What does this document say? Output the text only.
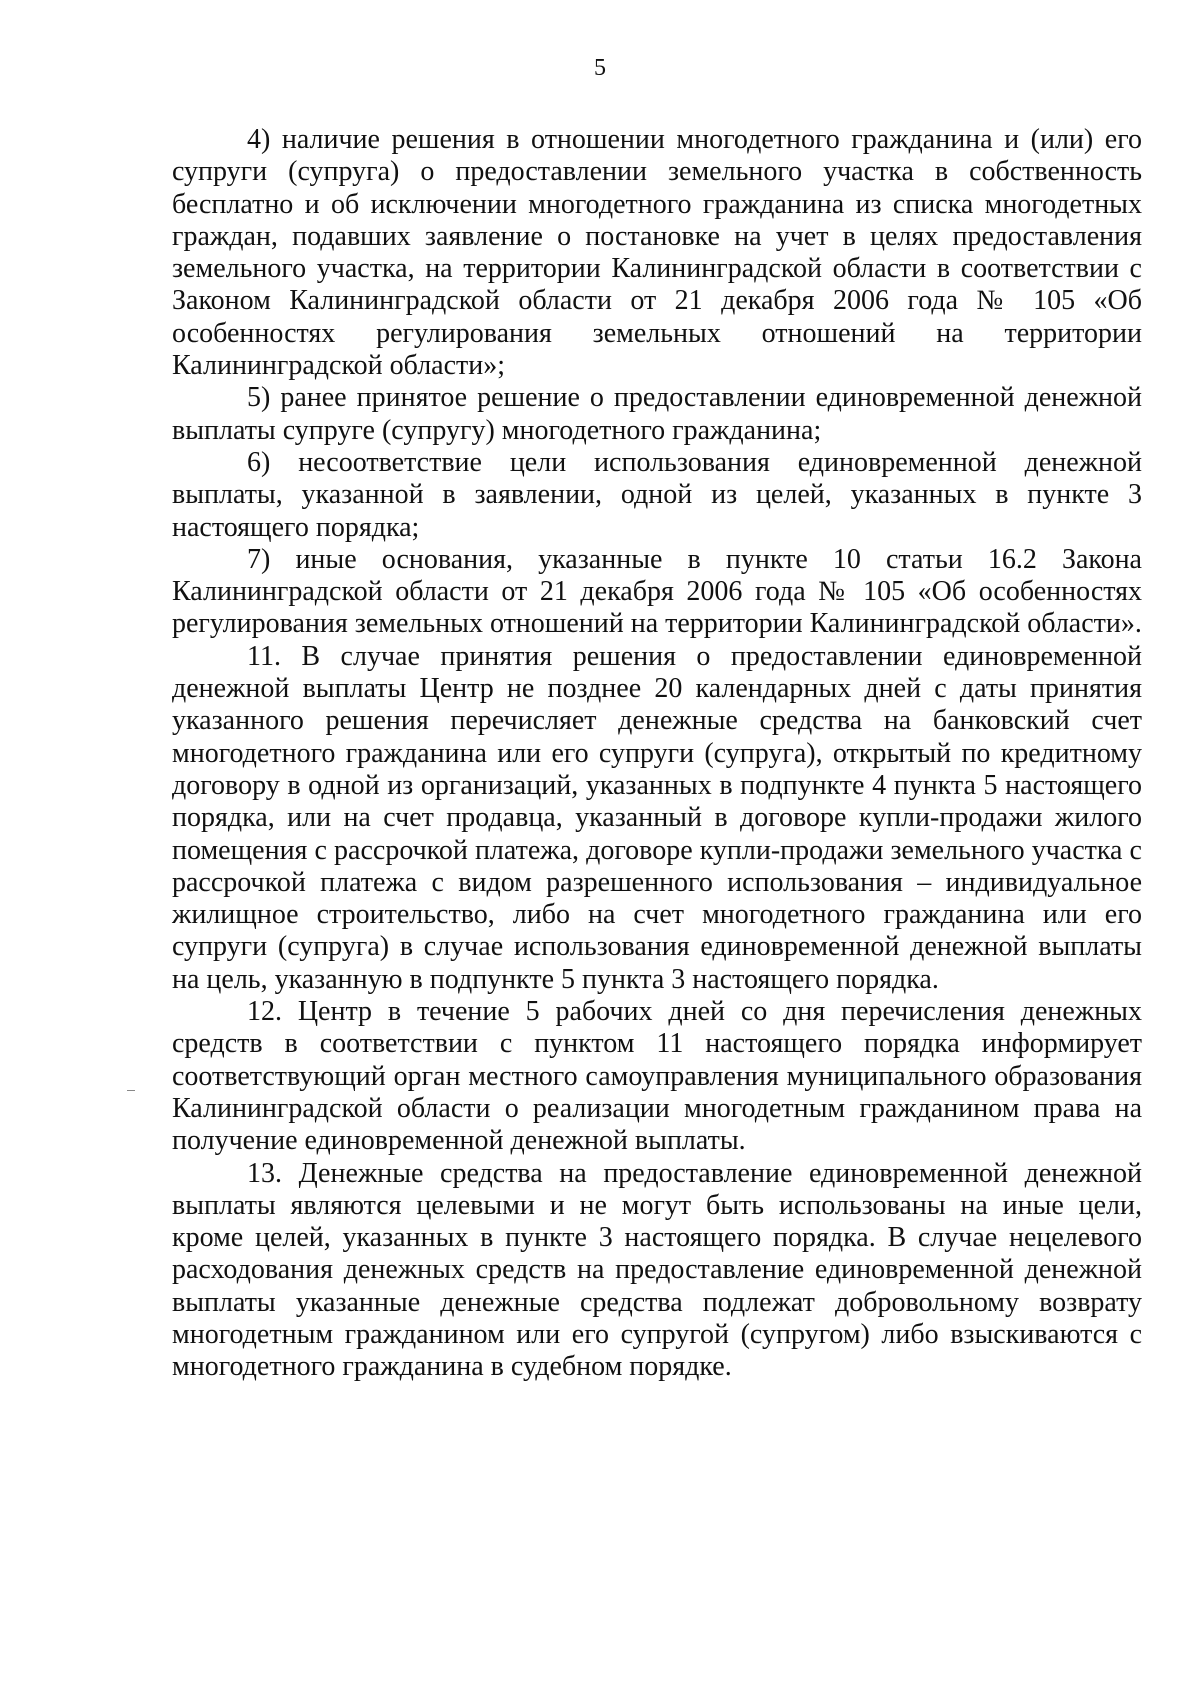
5

4) наличие решения в отношении многодетного гражданина и (или) его супруги (супруга) о предоставлении земельного участка в собственность бесплатно и об исключении многодетного гражданина из списка многодетных граждан, подавших заявление о постановке на учет в целях предоставления земельного участка, на территории Калининградской области в соответствии с Законом Калининградской области от 21 декабря 2006 года № 105 «Об особенностях регулирования земельных отношений на территории Калининградской области»;

5) ранее принятое решение о предоставлении единовременной денежной выплаты супруге (супругу) многодетного гражданина;

6) несоответствие цели использования единовременной денежной выплаты, указанной в заявлении, одной из целей, указанных в пункте 3 настоящего порядка;

7) иные основания, указанные в пункте 10 статьи 16.2 Закона Калининградской области от 21 декабря 2006 года № 105 «Об особенностях регулирования земельных отношений на территории Калининградской области».

11. В случае принятия решения о предоставлении единовременной денежной выплаты Центр не позднее 20 календарных дней с даты принятия указанного решения перечисляет денежные средства на банковский счет многодетного гражданина или его супруги (супруга), открытый по кредитному договору в одной из организаций, указанных в подпункте 4 пункта 5 настоящего порядка, или на счет продавца, указанный в договоре купли-продажи жилого помещения с рассрочкой платежа, договоре купли-продажи земельного участка с рассрочкой платежа с видом разрешенного использования – индивидуальное жилищное строительство, либо на счет многодетного гражданина или его супруги (супруга) в случае использования единовременной денежной выплаты на цель, указанную в подпункте 5 пункта 3 настоящего порядка.

12. Центр в течение 5 рабочих дней со дня перечисления денежных средств в соответствии с пунктом 11 настоящего порядка информирует соответствующий орган местного самоуправления муниципального образования Калининградской области о реализации многодетным гражданином права на получение единовременной денежной выплаты.

13. Денежные средства на предоставление единовременной денежной выплаты являются целевыми и не могут быть использованы на иные цели, кроме целей, указанных в пункте 3 настоящего порядка. В случае нецелевого расходования денежных средств на предоставление единовременной денежной выплаты указанные денежные средства подлежат добровольному возврату многодетным гражданином или его супругой (супругом) либо взыскиваются с многодетного гражданина в судебном порядке.
